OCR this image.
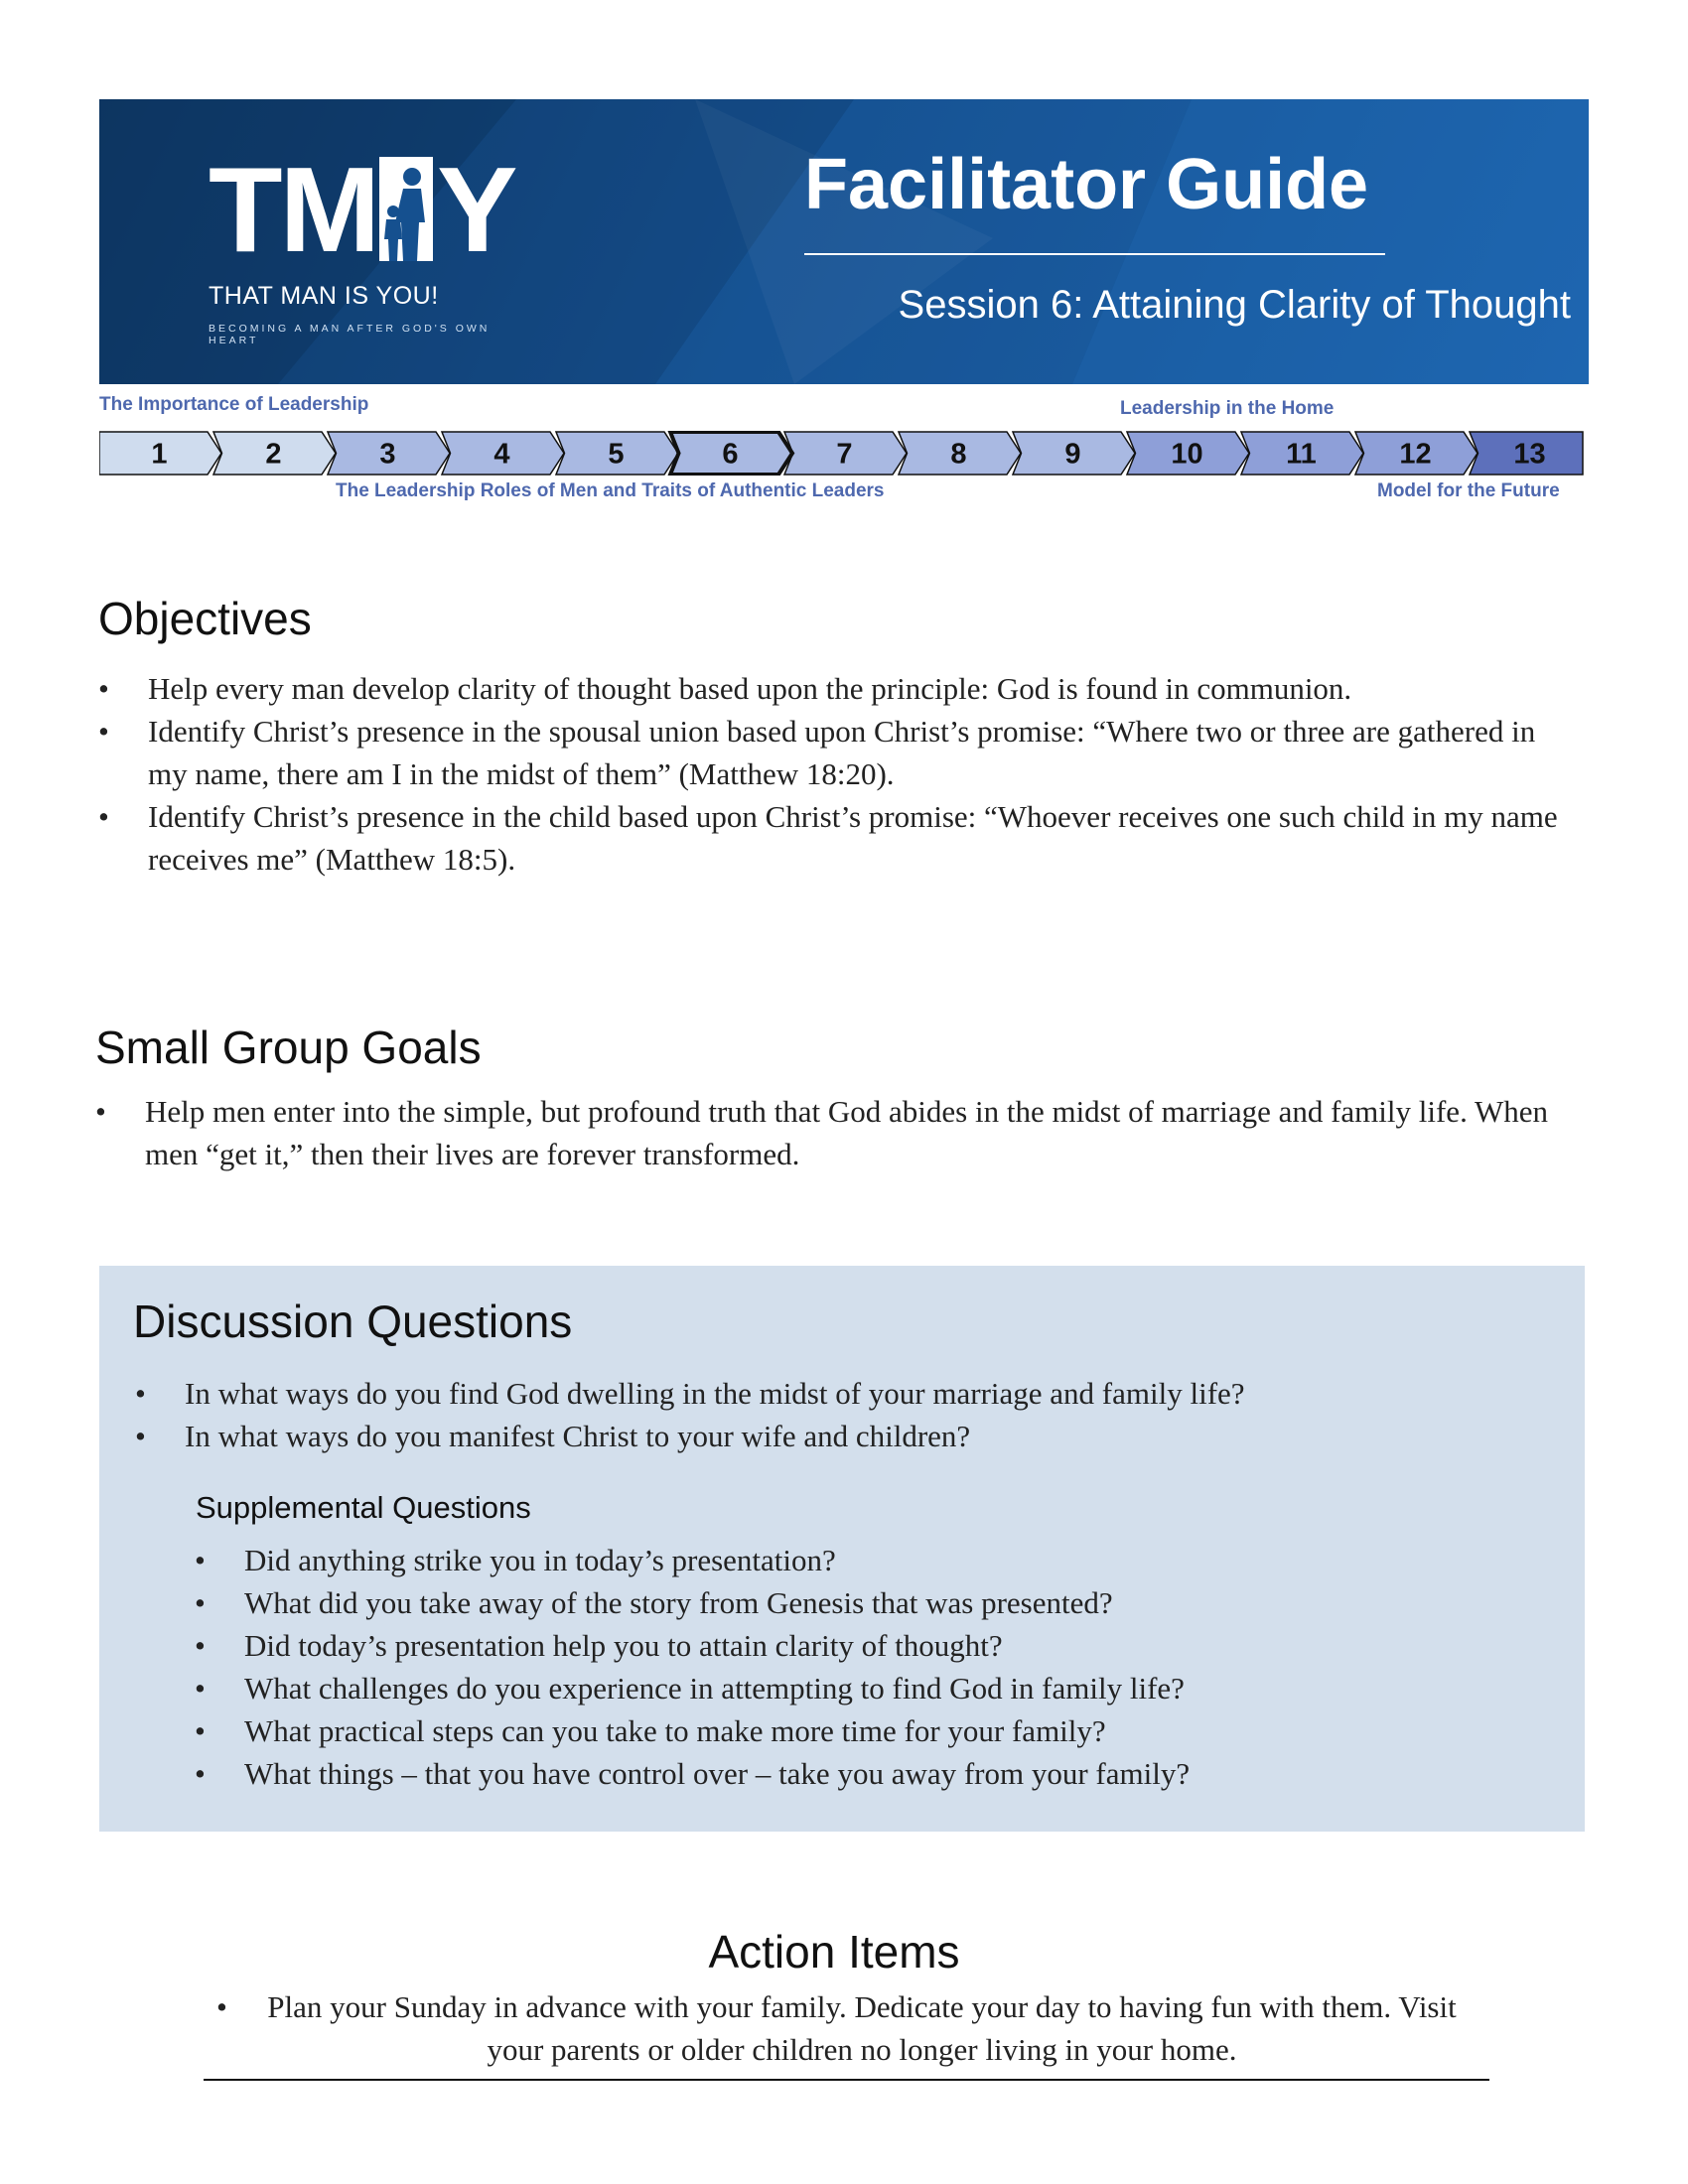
TM Y
THAT MAN IS YOU!
BECOMING A MAN AFTER GOD'S OWN HEART
Facilitator Guide
Session 6: Attaining Clarity of Thought
The Importance of Leadership	Leadership in the Home
1	2	3	4	5	6	7	8	9	10	11	12	13
The Leadership Roles of Men and Traits of Authentic Leaders	Model for the Future
Objectives
• Help every man develop clarity of thought based upon the principle: God is found in communion.
• Identify Christ’s presence in the spousal union based upon Christ’s promise: “Where two or three are gathered in my name, there am I in the midst of them” (Matthew 18:20).
• Identify Christ’s presence in the child based upon Christ’s promise: “Whoever receives one such child in my name receives me” (Matthew 18:5).
Small Group Goals
• Help men enter into the simple, but profound truth that God abides in the midst of marriage and family life. When men “get it,” then their lives are forever transformed.
Discussion Questions
• In what ways do you find God dwelling in the midst of your marriage and family life?
• In what ways do you manifest Christ to your wife and children?
Supplemental Questions
• Did anything strike you in today’s presentation?
• What did you take away of the story from Genesis that was presented?
• Did today’s presentation help you to attain clarity of thought?
• What challenges do you experience in attempting to find God in family life?
• What practical steps can you take to make more time for your family?
• What things – that you have control over – take you away from your family?
Action Items
•	Plan your Sunday in advance with your family. Dedicate your day to having fun with them. Visit your parents or older children no longer living in your home.
